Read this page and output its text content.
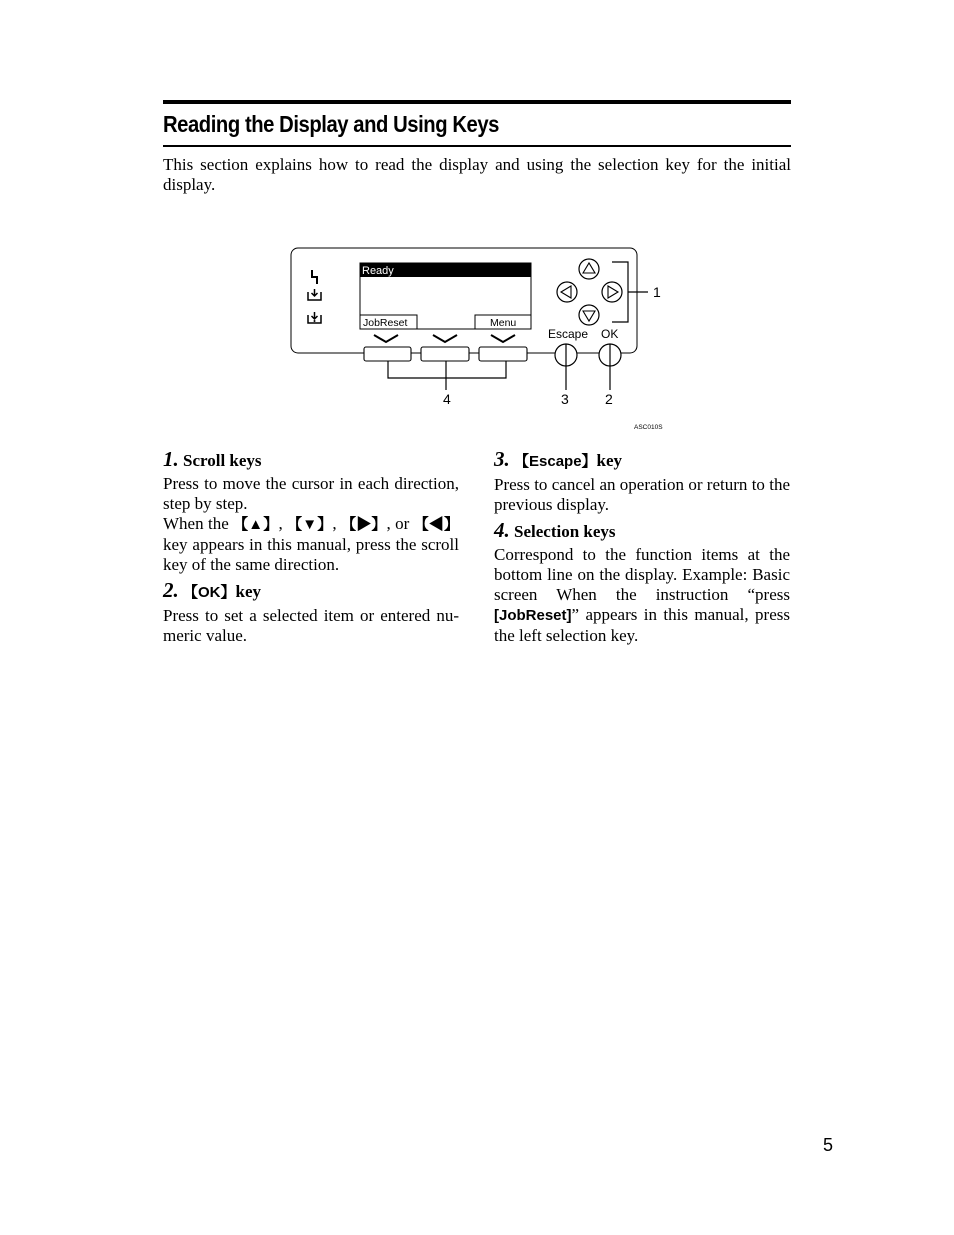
Reading the Display and Using Keys

This section explains how to read the display and using the selection key for the initial display.

Ready
JobReset	Menu
1
Escape OK
3	2
4
ASC010S

1. Scroll keys

Press to move the cursor in each direction, step by step.

When the 【▲】, 【▼】, 【▶】, or 【◀】 key appears in this manual, press the scroll key of the same direction.

2. 【OK】key

Press to set a selected item or entered numeric value.

3. 【Escape】key

Press to cancel an operation or return to the previous display.

4. Selection keys

Correspond to the function items at the bottom line on the display. Example: Basic screen When the instruction “press [JobReset]” appears in this manual, press the left selection key.

5
